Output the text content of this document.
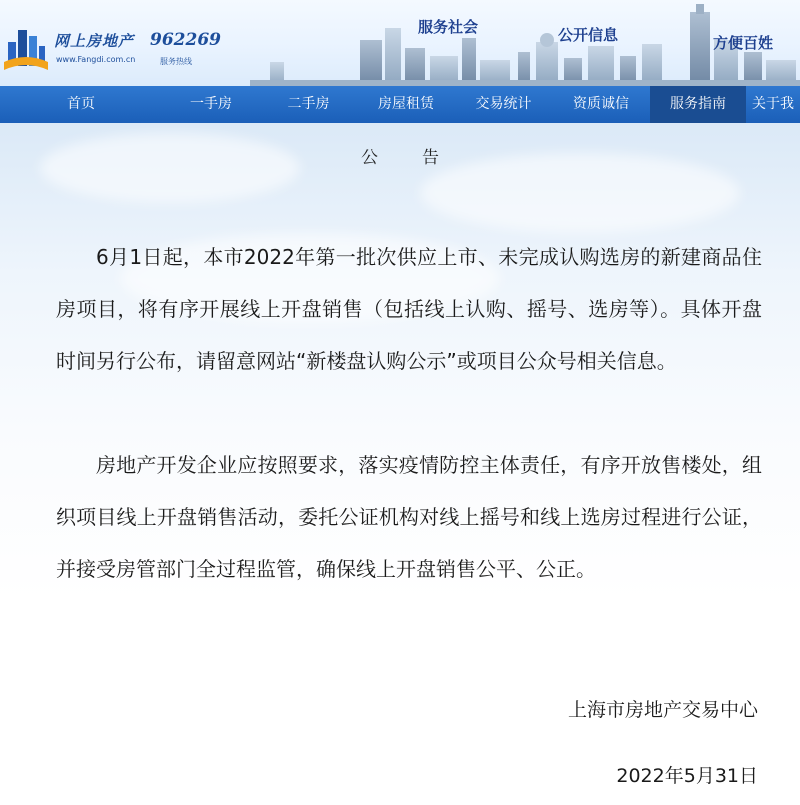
网上房地产
www.Fangdi.com.cn
962269
服务热线
服务社会	公开信息	方便百姓
首页	一手房	二手房	房屋租赁	交易统计	资质诚信	服务指南	关于我
公告

6月1日起，本市2022年第一批次供应上市、未完成认购选房的新建商品住房项目，将有序开展线上开盘销售（包括线上认购、摇号、选房等）。具体开盘时间另行公布，请留意网站“新楼盘认购公示”或项目公众号相关信息。

房地产开发企业应按照要求，落实疫情防控主体责任，有序开放售楼处，组织项目线上开盘销售活动，委托公证机构对线上摇号和线上选房过程进行公证，并接受房管部门全过程监管，确保线上开盘销售公平、公正。

上海市房地产交易中心
2022年5月31日
